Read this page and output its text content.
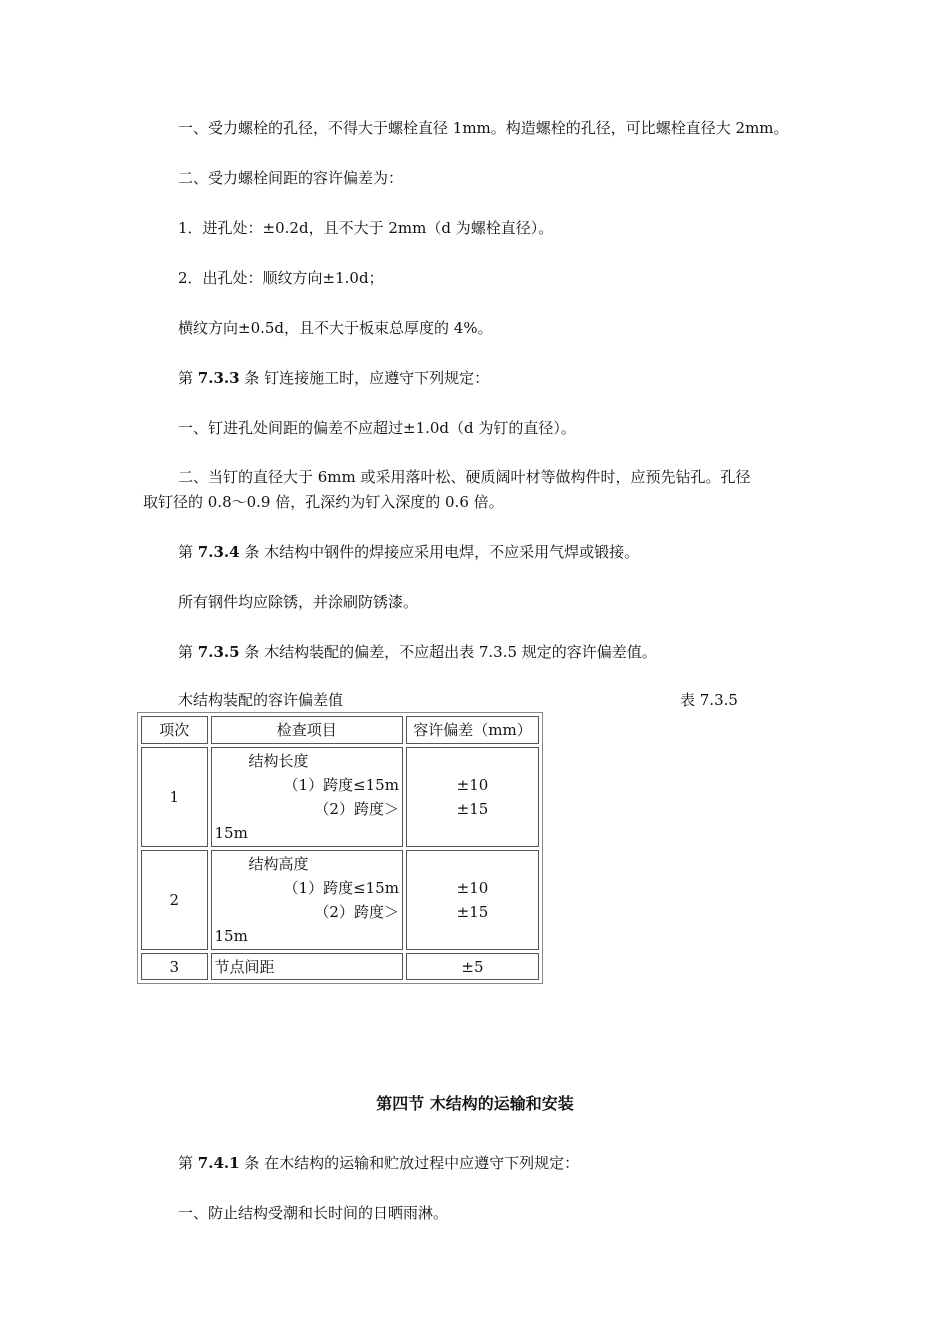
一、受力螺栓的孔径，不得大于螺栓直径 1mm。构造螺栓的孔径，可比螺栓直径大 2mm。

二、受力螺栓间距的容许偏差为：

1．进孔处：±0.2d，且不大于 2mm（d 为螺栓直径）。

2．出孔处：顺纹方向±1.0d；

横纹方向±0.5d，且不大于板束总厚度的 4%。

第 7.3.3 条 钉连接施工时，应遵守下列规定：

一、钉进孔处间距的偏差不应超过±1.0d（d 为钉的直径）。

二、当钉的直径大于 6mm 或采用落叶松、硬质阔叶材等做构件时，应预先钻孔。孔径

取钉径的 0.8～0.9 倍，孔深约为钉入深度的 0.6 倍。

第 7.3.4 条 木结构中钢件的焊接应采用电焊，不应采用气焊或锻接。

所有钢件均应除锈，并涂刷防锈漆。

第 7.3.5 条 木结构装配的偏差，不应超出表 7.3.5 规定的容许偏差值。

木结构装配的容许偏差值	表 7.3.5
项次	检查项目	容许偏差（mm）
1	结构长度
（1）跨度≤15m
（2）跨度＞
15m	±10
±15

2	结构高度
（1）跨度≤15m
（2）跨度＞
15m	±10
±15

3	节点间距	±5
第四节 木结构的运输和安装

第 7.4.1 条 在木结构的运输和贮放过程中应遵守下列规定：

一、防止结构受潮和长时间的日晒雨淋。
